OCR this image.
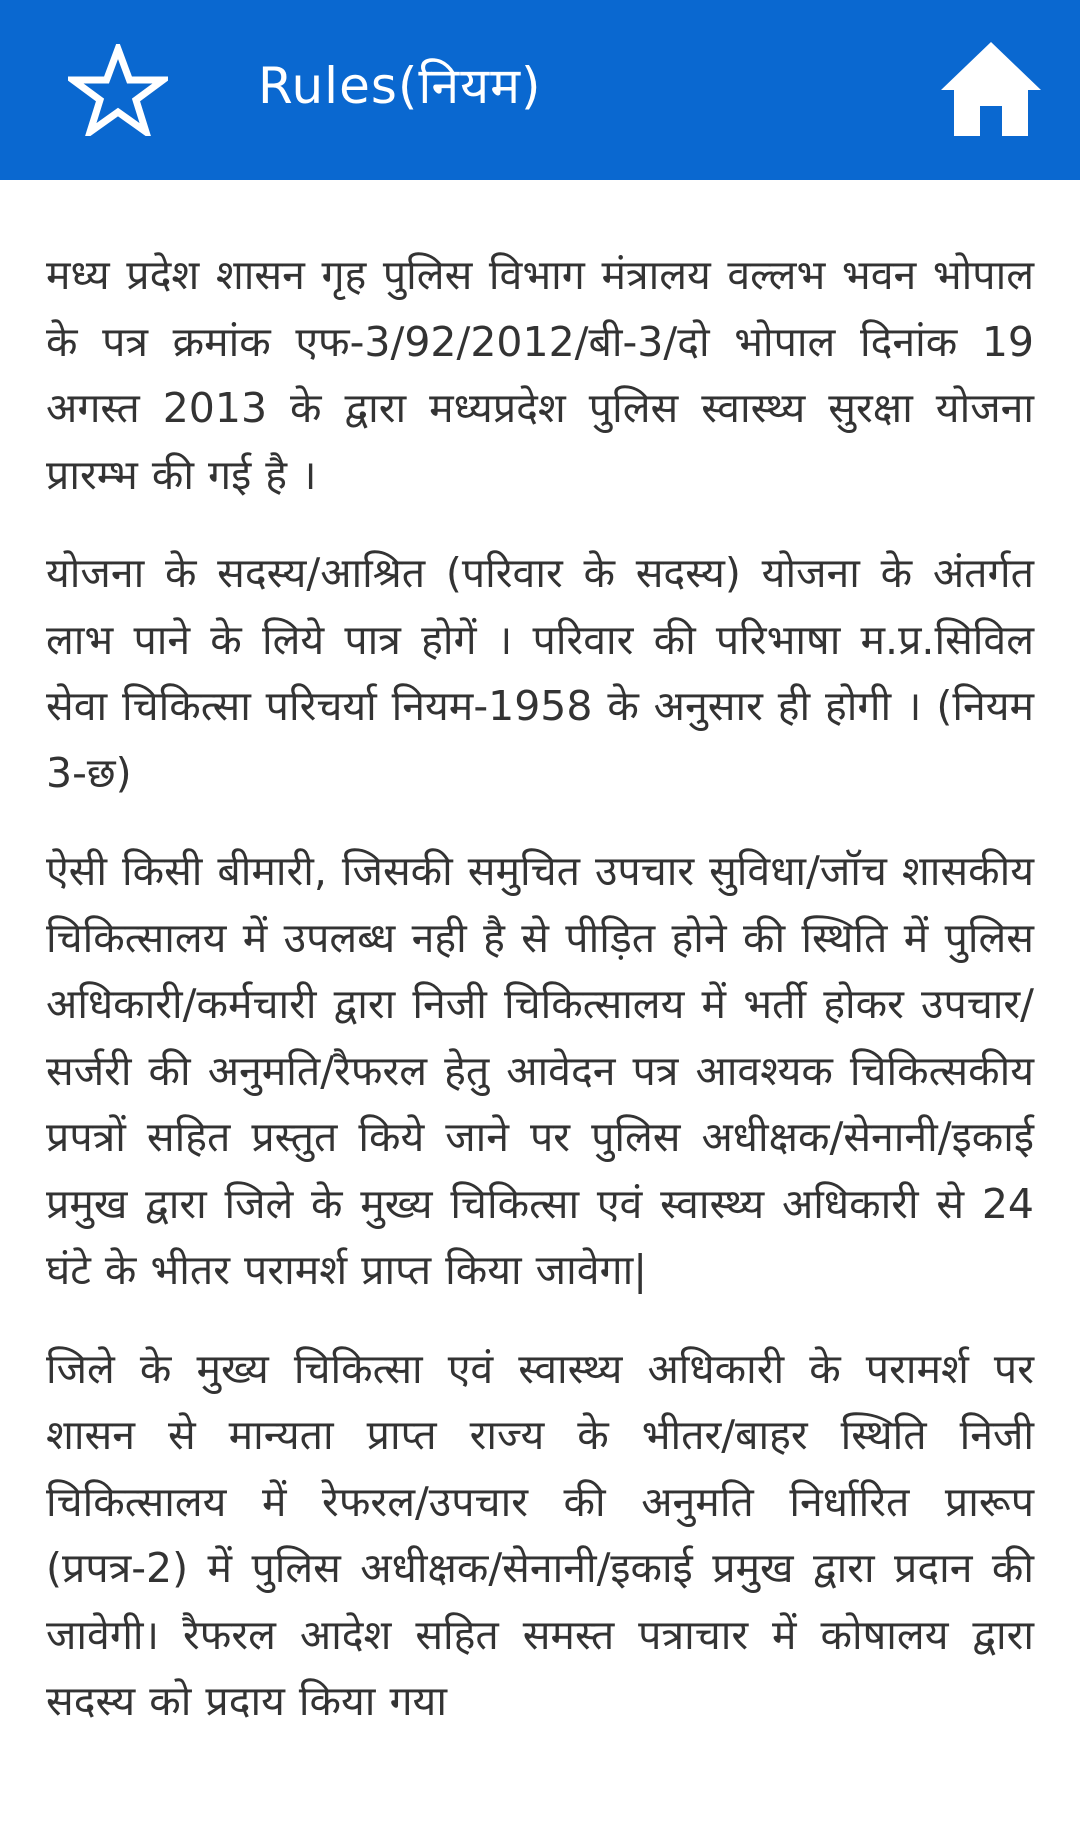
Rules(नियम)

मध्य प्रदेश शासन गृह पुलिस विभाग मंत्रालय वल्लभ भवन भोपाल के पत्र क्रमांक एफ-3/92/2012/बी-3/दो भोपाल दिनांक 19 अगस्त 2013 के द्वारा मध्यप्रदेश पुलिस स्वास्थ्य सुरक्षा योजना प्रारम्भ की गई है ।

योजना के सदस्य/आश्रित (परिवार के सदस्य) योजना के अंतर्गत लाभ पाने के लिये पात्र होगें । परिवार की परिभाषा म.प्र.सिविल सेवा चिकित्सा परिचर्या नियम-1958 के अनुसार ही होगी । (नियम 3-छ)

ऐसी किसी बीमारी, जिसकी समुचित उपचार सुविधा/जॉच शासकीय चिकित्सालय में उपलब्ध नही है से पीड़ित होने की स्थिति में पुलिस अधिकारी/कर्मचारी द्वारा निजी चिकित्सालय में भर्ती होकर उपचार/सर्जरी की अनुमति/रैफरल हेतु आवेदन पत्र आवश्यक चिकित्सकीय प्रपत्रों सहित प्रस्तुत किये जाने पर पुलिस अधीक्षक/सेनानी/इकाई प्रमुख द्वारा जिले के मुख्य चिकित्सा एवं स्वास्थ्य अधिकारी से 24 घंटे के भीतर परामर्श प्राप्त किया जावेगा|

जिले के मुख्य चिकित्सा एवं स्वास्थ्य अधिकारी के परामर्श पर शासन से मान्यता प्राप्त राज्य के भीतर/बाहर स्थिति निजी चिकित्सालय में रेफरल/उपचार की अनुमति निर्धारित प्रारूप (प्रपत्र-2) में पुलिस अधीक्षक/सेनानी/इकाई प्रमुख द्वारा प्रदान की जावेगी। रैफरल आदेश सहित समस्त पत्राचार में कोषालय द्वारा सदस्य को प्रदाय किया गया
